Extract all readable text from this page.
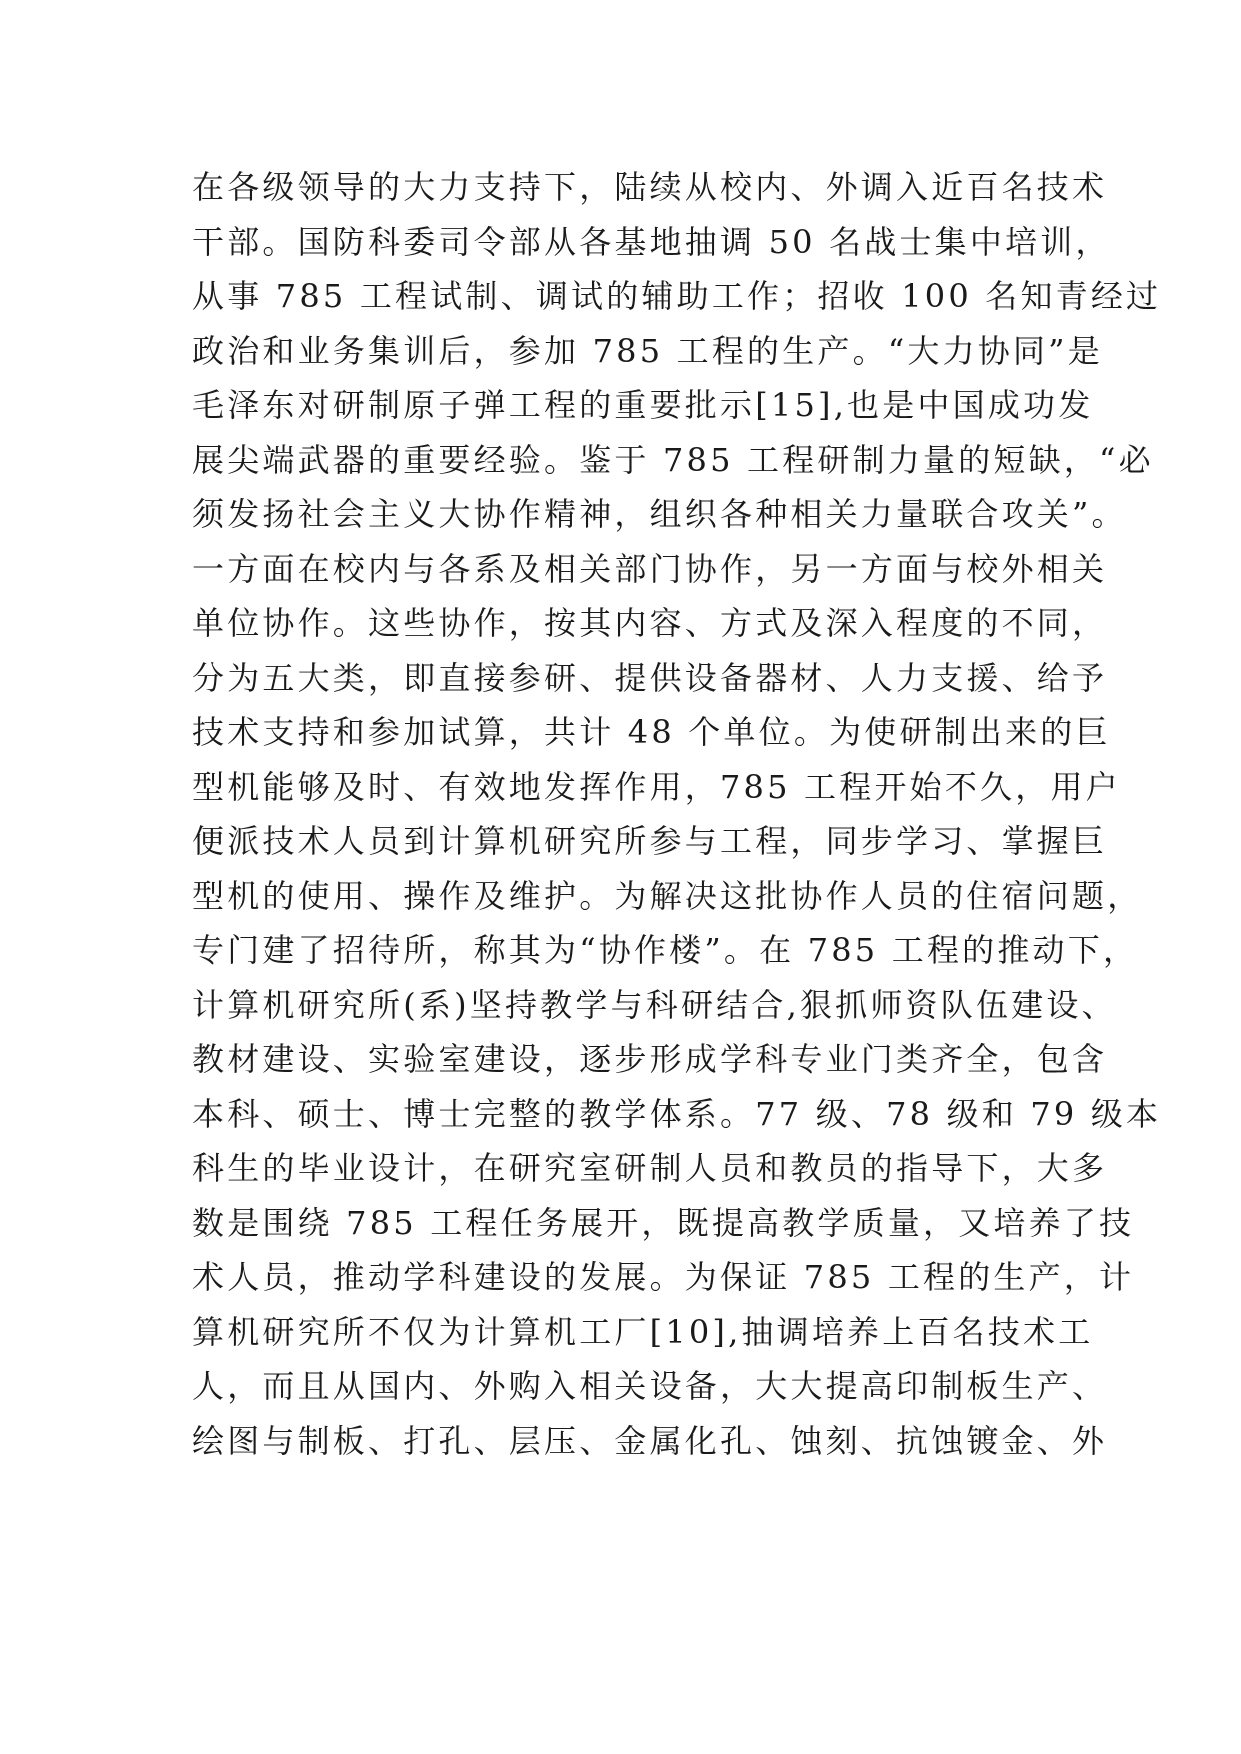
在各级领导的大力支持下，陆续从校内、外调入近百名技术
干部。国防科委司令部从各基地抽调 50 名战士集中培训，
从事 785 工程试制、调试的辅助工作；招收 100 名知青经过
政治和业务集训后，参加 785 工程的生产。“大力协同”是
毛泽东对研制原子弹工程的重要批示[15],也是中国成功发
展尖端武器的重要经验。鉴于 785 工程研制力量的短缺，“必
须发扬社会主义大协作精神，组织各种相关力量联合攻关”。
一方面在校内与各系及相关部门协作，另一方面与校外相关
单位协作。这些协作，按其内容、方式及深入程度的不同，
分为五大类，即直接参研、提供设备器材、人力支援、给予
技术支持和参加试算，共计 48 个单位。为使研制出来的巨
型机能够及时、有效地发挥作用，785 工程开始不久，用户
便派技术人员到计算机研究所参与工程，同步学习、掌握巨
型机的使用、操作及维护。为解决这批协作人员的住宿问题，
专门建了招待所，称其为“协作楼”。在 785 工程的推动下，
计算机研究所(系)坚持教学与科研结合,狠抓师资队伍建设、
教材建设、实验室建设，逐步形成学科专业门类齐全，包含
本科、硕士、博士完整的教学体系。77 级、78 级和 79 级本
科生的毕业设计，在研究室研制人员和教员的指导下，大多
数是围绕 785 工程任务展开，既提高教学质量，又培养了技
术人员，推动学科建设的发展。为保证 785 工程的生产，计
算机研究所不仅为计算机工厂[10],抽调培养上百名技术工
人，而且从国内、外购入相关设备，大大提高印制板生产、
绘图与制板、打孔、层压、金属化孔、蚀刻、抗蚀镀金、外
